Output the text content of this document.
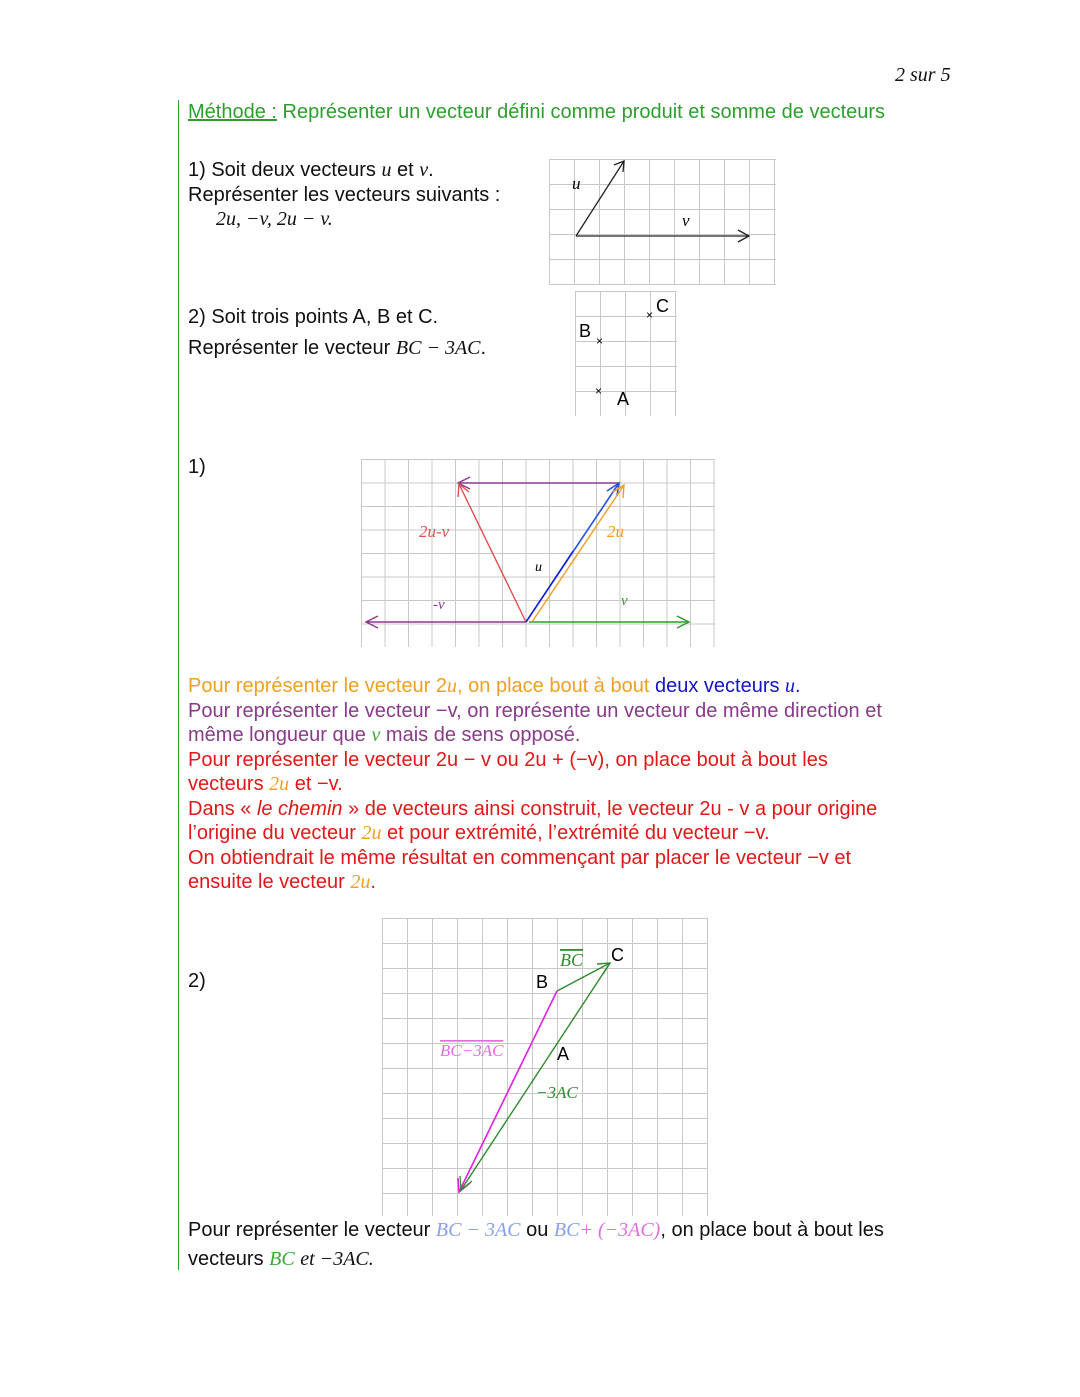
2 sur 5
Méthode : Représenter un vecteur défini comme produit et somme de vecteurs
1) Soit deux vecteurs u et v.
Représenter les vecteurs suivants :
2u, −v, 2u − v.
2) Soit trois points A, B et C.
Représenter le vecteur BC − 3AC.
u
v
B ×
C
×
× A
1)
2u-v	2u
u
v
-v
Pour représenter le vecteur 2u, on place bout à bout deux vecteurs u.
Pour représenter le vecteur −v, on représente un vecteur de même direction et
même longueur que v mais de sens opposé.
Pour représenter le vecteur 2u − v ou 2u + (−v), on place bout à bout les
vecteurs 2u et −v.
Dans « le chemin » de vecteurs ainsi construit, le vecteur 2u - v a pour origine
l’origine du vecteur 2u et pour extrémité, l’extrémité du vecteur −v.
On obtiendrait le même résultat en commençant par placer le vecteur −v et
ensuite le vecteur 2u.
2)
BC
B
C
A
BC−3AC
−3AC
Pour représenter le vecteur BC − 3AC ou BC+ (−3AC), on place bout à bout les
vecteurs BC et −3AC.
